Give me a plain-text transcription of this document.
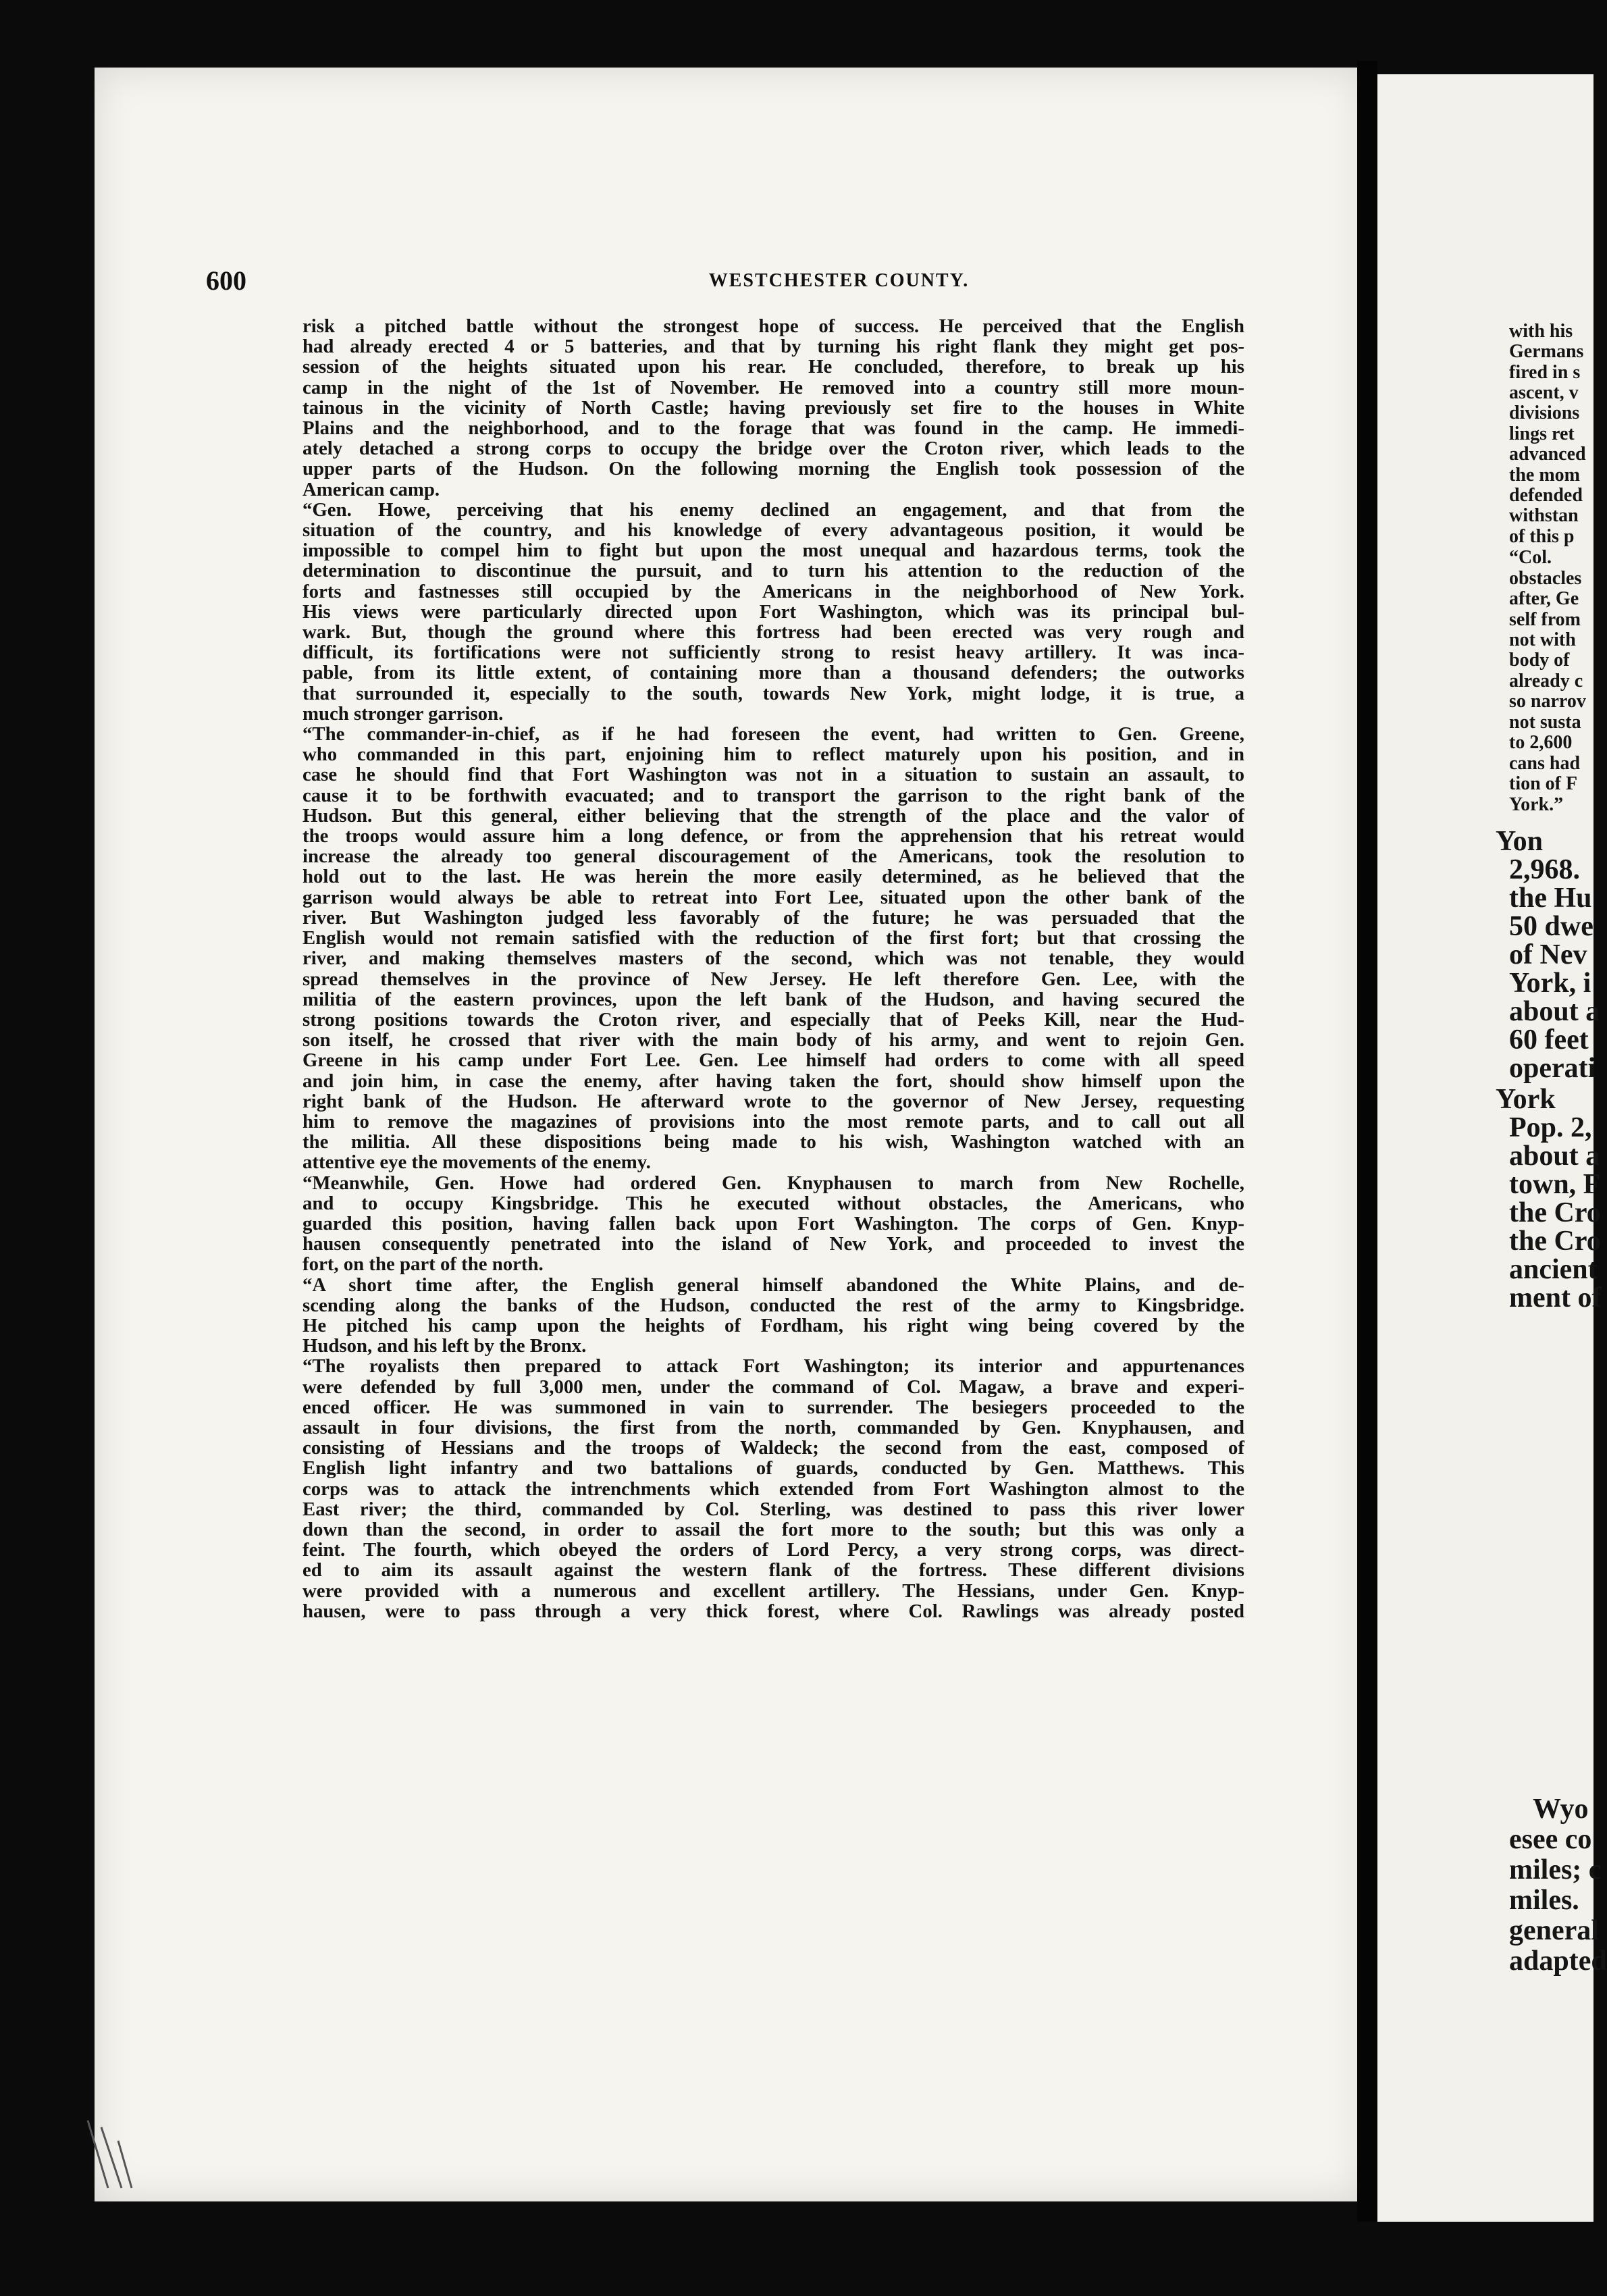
with his
Germans
fired in s
ascent, v
divisions
lings ret
advanced
the mom
defended
withstan
of this p
“Col.
obstacles
after, Ge
self from
not with
body of
already c
so narrov
not susta
to 2,600
cans had
tion of F
York.”
Yon
2,968.
the Hu
50 dwe
of Nev
York, i
about a
60 feet
operati
York
Pop. 2,
about a
town, F
the Cro
the Cro
ancient
ment of
Wyo
esee co
miles; c
miles.
general
adapted
600	WESTCHESTER COUNTY.
risk a pitched battle without the strongest hope of success. He perceived that the English
had already erected 4 or 5 batteries, and that by turning his right flank they might get pos-
session of the heights situated upon his rear. He concluded, therefore, to break up his
camp in the night of the 1st of November. He removed into a country still more moun-
tainous in the vicinity of North Castle; having previously set fire to the houses in White
Plains and the neighborhood, and to the forage that was found in the camp. He immedi-
ately detached a strong corps to occupy the bridge over the Croton river, which leads to the
upper parts of the Hudson. On the following morning the English took possession of the
American camp.
“Gen. Howe, perceiving that his enemy declined an engagement, and that from the
situation of the country, and his knowledge of every advantageous position, it would be
impossible to compel him to fight but upon the most unequal and hazardous terms, took the
determination to discontinue the pursuit, and to turn his attention to the reduction of the
forts and fastnesses still occupied by the Americans in the neighborhood of New York.
His views were particularly directed upon Fort Washington, which was its principal bul-
wark. But, though the ground where this fortress had been erected was very rough and
difficult, its fortifications were not sufficiently strong to resist heavy artillery. It was inca-
pable, from its little extent, of containing more than a thousand defenders; the outworks
that surrounded it, especially to the south, towards New York, might lodge, it is true, a
much stronger garrison.
“The commander-in-chief, as if he had foreseen the event, had written to Gen. Greene,
who commanded in this part, enjoining him to reflect maturely upon his position, and in
case he should find that Fort Washington was not in a situation to sustain an assault, to
cause it to be forthwith evacuated; and to transport the garrison to the right bank of the
Hudson. But this general, either believing that the strength of the place and the valor of
the troops would assure him a long defence, or from the apprehension that his retreat would
increase the already too general discouragement of the Americans, took the resolution to
hold out to the last. He was herein the more easily determined, as he believed that the
garrison would always be able to retreat into Fort Lee, situated upon the other bank of the
river. But Washington judged less favorably of the future; he was persuaded that the
English would not remain satisfied with the reduction of the first fort; but that crossing the
river, and making themselves masters of the second, which was not tenable, they would
spread themselves in the province of New Jersey. He left therefore Gen. Lee, with the
militia of the eastern provinces, upon the left bank of the Hudson, and having secured the
strong positions towards the Croton river, and especially that of Peeks Kill, near the Hud-
son itself, he crossed that river with the main body of his army, and went to rejoin Gen.
Greene in his camp under Fort Lee. Gen. Lee himself had orders to come with all speed
and join him, in case the enemy, after having taken the fort, should show himself upon the
right bank of the Hudson. He afterward wrote to the governor of New Jersey, requesting
him to remove the magazines of provisions into the most remote parts, and to call out all
the militia. All these dispositions being made to his wish, Washington watched with an
attentive eye the movements of the enemy.
“Meanwhile, Gen. Howe had ordered Gen. Knyphausen to march from New Rochelle,
and to occupy Kingsbridge. This he executed without obstacles, the Americans, who
guarded this position, having fallen back upon Fort Washington. The corps of Gen. Knyp-
hausen consequently penetrated into the island of New York, and proceeded to invest the
fort, on the part of the north.
“A short time after, the English general himself abandoned the White Plains, and de-
scending along the banks of the Hudson, conducted the rest of the army to Kingsbridge.
He pitched his camp upon the heights of Fordham, his right wing being covered by the
Hudson, and his left by the Bronx.
“The royalists then prepared to attack Fort Washington; its interior and appurtenances
were defended by full 3,000 men, under the command of Col. Magaw, a brave and experi-
enced officer. He was summoned in vain to surrender. The besiegers proceeded to the
assault in four divisions, the first from the north, commanded by Gen. Knyphausen, and
consisting of Hessians and the troops of Waldeck; the second from the east, composed of
English light infantry and two battalions of guards, conducted by Gen. Matthews. This
corps was to attack the intrenchments which extended from Fort Washington almost to the
East river; the third, commanded by Col. Sterling, was destined to pass this river lower
down than the second, in order to assail the fort more to the south; but this was only a
feint. The fourth, which obeyed the orders of Lord Percy, a very strong corps, was direct-
ed to aim its assault against the western flank of the fortress. These different divisions
were provided with a numerous and excellent artillery. The Hessians, under Gen. Knyp-
hausen, were to pass through a very thick forest, where Col. Rawlings was already posted
